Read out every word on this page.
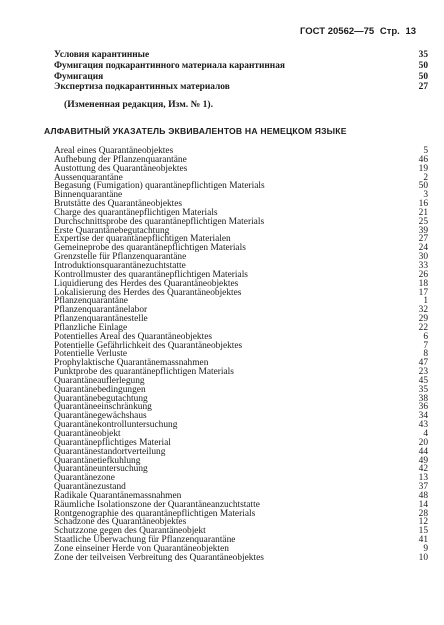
ГОСТ 20562—75 Стр. 13
Условия карантинные	35
Фумигация подкарантинного материала карантинная	50
Фумигация	50
Экспертиза подкарантинных материалов	27
(Измененная редакция, Изм. № 1).
АЛФАВИТНЫЙ УКАЗАТЕЛЬ ЭКВИВАЛЕНТОВ НА НЕМЕЦКОМ ЯЗЫКЕ
Areal eines Quarantäneobjektes	5
Aufhebung der Pflanzenquarantäne	46
Austottung des Quarantäneobjektes	19
Aussenquarantäne	2
Begasung (Fumigation) quarantänepflichtigen Materials	50
Binnenquarantäne	3
Brutstätte des Quarantäneobjektes	16
Charge des quarantänepflichtigen Materials	21
Durchschnittsprobe des quarantänepflichtigen Materials	25
Erste Quarantänebegutachtung	39
Expertise der quarantänepflichtigen Materialen	27
Gemeineprobe des quarantänepflichtigen Materials	24
Grenzstelle für Pflanzenquarantäne	30
Introduktionsquarantänezuchtstatte	33
Kontrollmuster des quarantänepflichtigen Materials	26
Liquidierung des Herdes des Quarantäneobjektes	18
Lokalisierung des Herdes des Quarantäneobjektes	17
Pflanzenquarantäne	1
Pflanzenquarantänelabor	32
Pflanzenquarantänestelle	29
Pflanzliche Einlage	22
Potentielles Areal des Quarantäneobjektes	6
Potentielle Gefährlichkeit des Quarantäneobjektes	7
Potentielle Verluste	8
Prophylaktische Quarantänemassnahmen	47
Punktprobe des quarantänepflichtigen Materials	23
Quarantäneauflerlegung	45
Quarantänebedingungen	35
Quarantänebegutachtung	38
Quarantäneeinschränkung	36
Quarantänegewächshaus	34
Quarantänekontrolluntersuchung	43
Quarantäneobjekt	4
Quarantänepflichtiges Material	20
Quarantänestandortverteilung	44
Quarantänetiefkuhlung	49
Quarantäneuntersuchung	42
Quarantänezone	13
Quarantänezustand	37
Radikale Quarantänemassnahmen	48
Räumliche Isolationszone der Quarantäneanzuchtstatte	14
Rontgenographie des quarantänepflichtigen Materials	28
Schadzone des Quarantäneobjektes	12
Schutzzone gegen des Quarantäneobjekt	15
Staatliche Überwachung für Pflanzenquarantäne	41
Zone einseiner Herde von Quarantäneobjekten	9
Zone der teilveisen Verbreitung des Quarantäneobjektes	10
